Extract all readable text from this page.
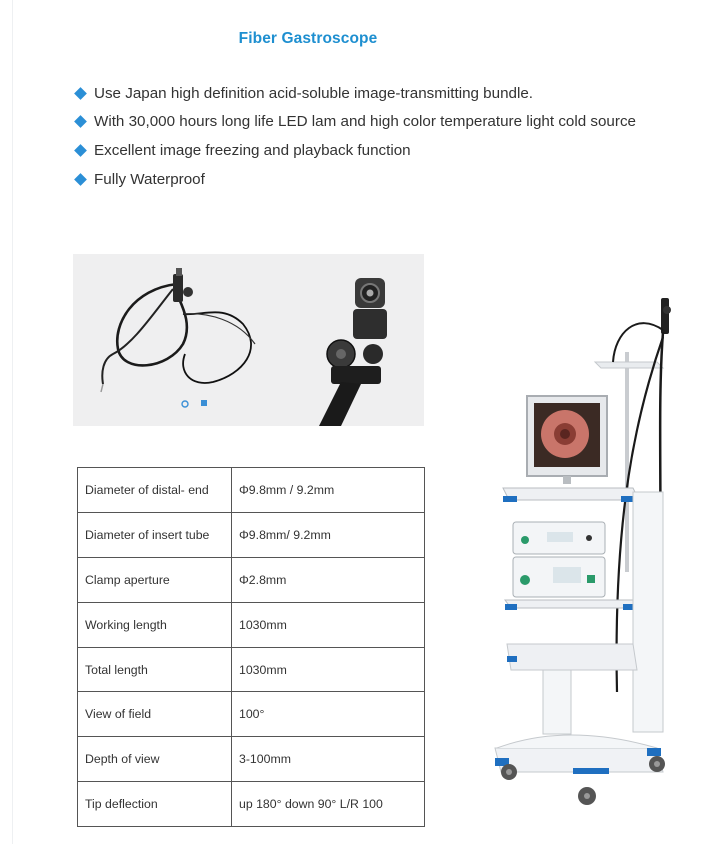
Fiber Gastroscope
Use Japan high definition acid-soluble image-transmitting bundle.
With 30,000 hours long life LED lam and high color temperature light cold source
Excellent image freezing and playback function
Fully Waterproof
Diameter of distal- end	Φ9.8mm / 9.2mm
Diameter of insert tube	Φ9.8mm/ 9.2mm
Clamp aperture	Φ2.8mm
Working length	1030mm
Total length	1030mm
View of field	100°
Depth of view	3-100mm
Tip deflection	up 180° down 90° L/R 100
